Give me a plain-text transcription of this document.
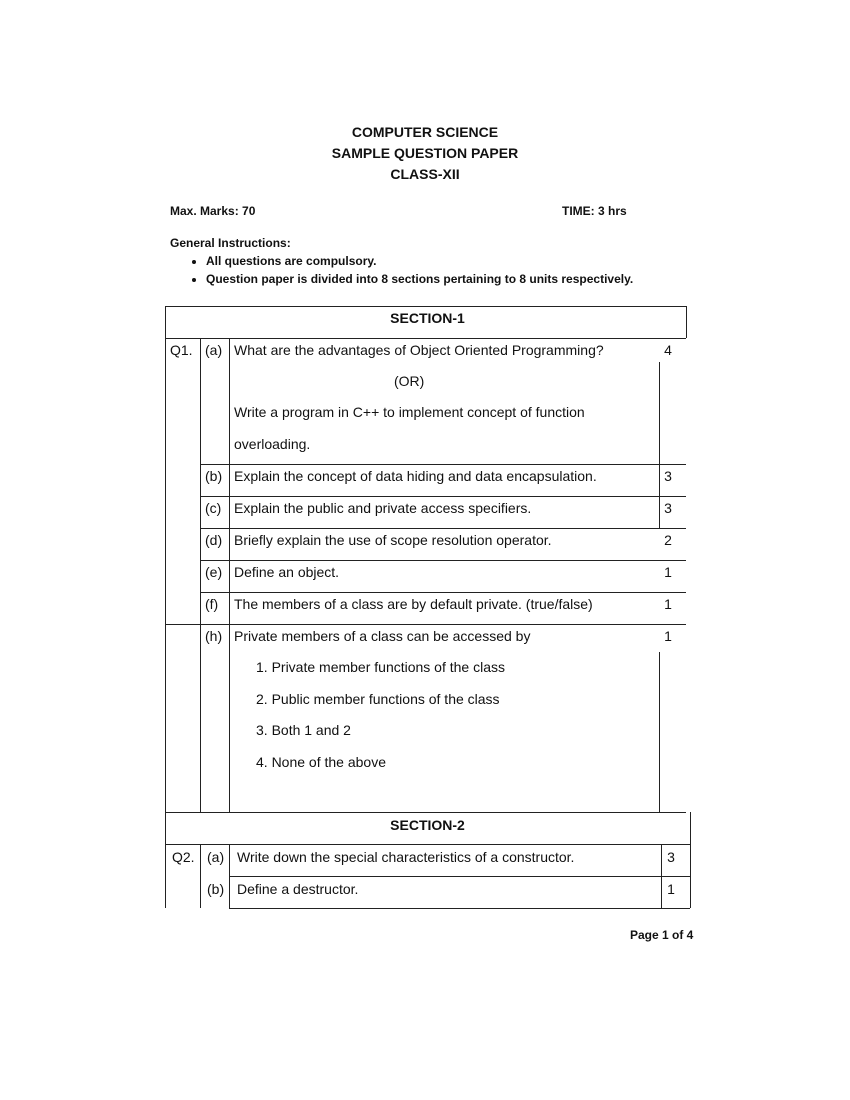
COMPUTER SCIENCE
SAMPLE QUESTION PAPER
CLASS-XII
Max. Marks: 70	TIME: 3 hrs
General Instructions:
• All questions are compulsory.
• Question paper is divided into 8 sections pertaining to 8 units respectively.
SECTION-1
Q1. (a) What are the advantages of Object Oriented Programming?	4
(OR)
Write a program in C++ to implement concept of function
overloading.
(b) Explain the concept of data hiding and data encapsulation.	3
(c) Explain the public and private access specifiers.	3
(d) Briefly explain the use of scope resolution operator.	2
(e) Define an object.	1
(f) The members of a class are by default private. (true/false)	1
(h) Private members of a class can be accessed by	1
1. Private member functions of the class
2. Public member functions of the class
3. Both 1 and 2
4. None of the above
SECTION-2
Q2. (a) Write down the special characteristics of a constructor.	3
(b) Define a destructor.	1
Page 1 of 4
